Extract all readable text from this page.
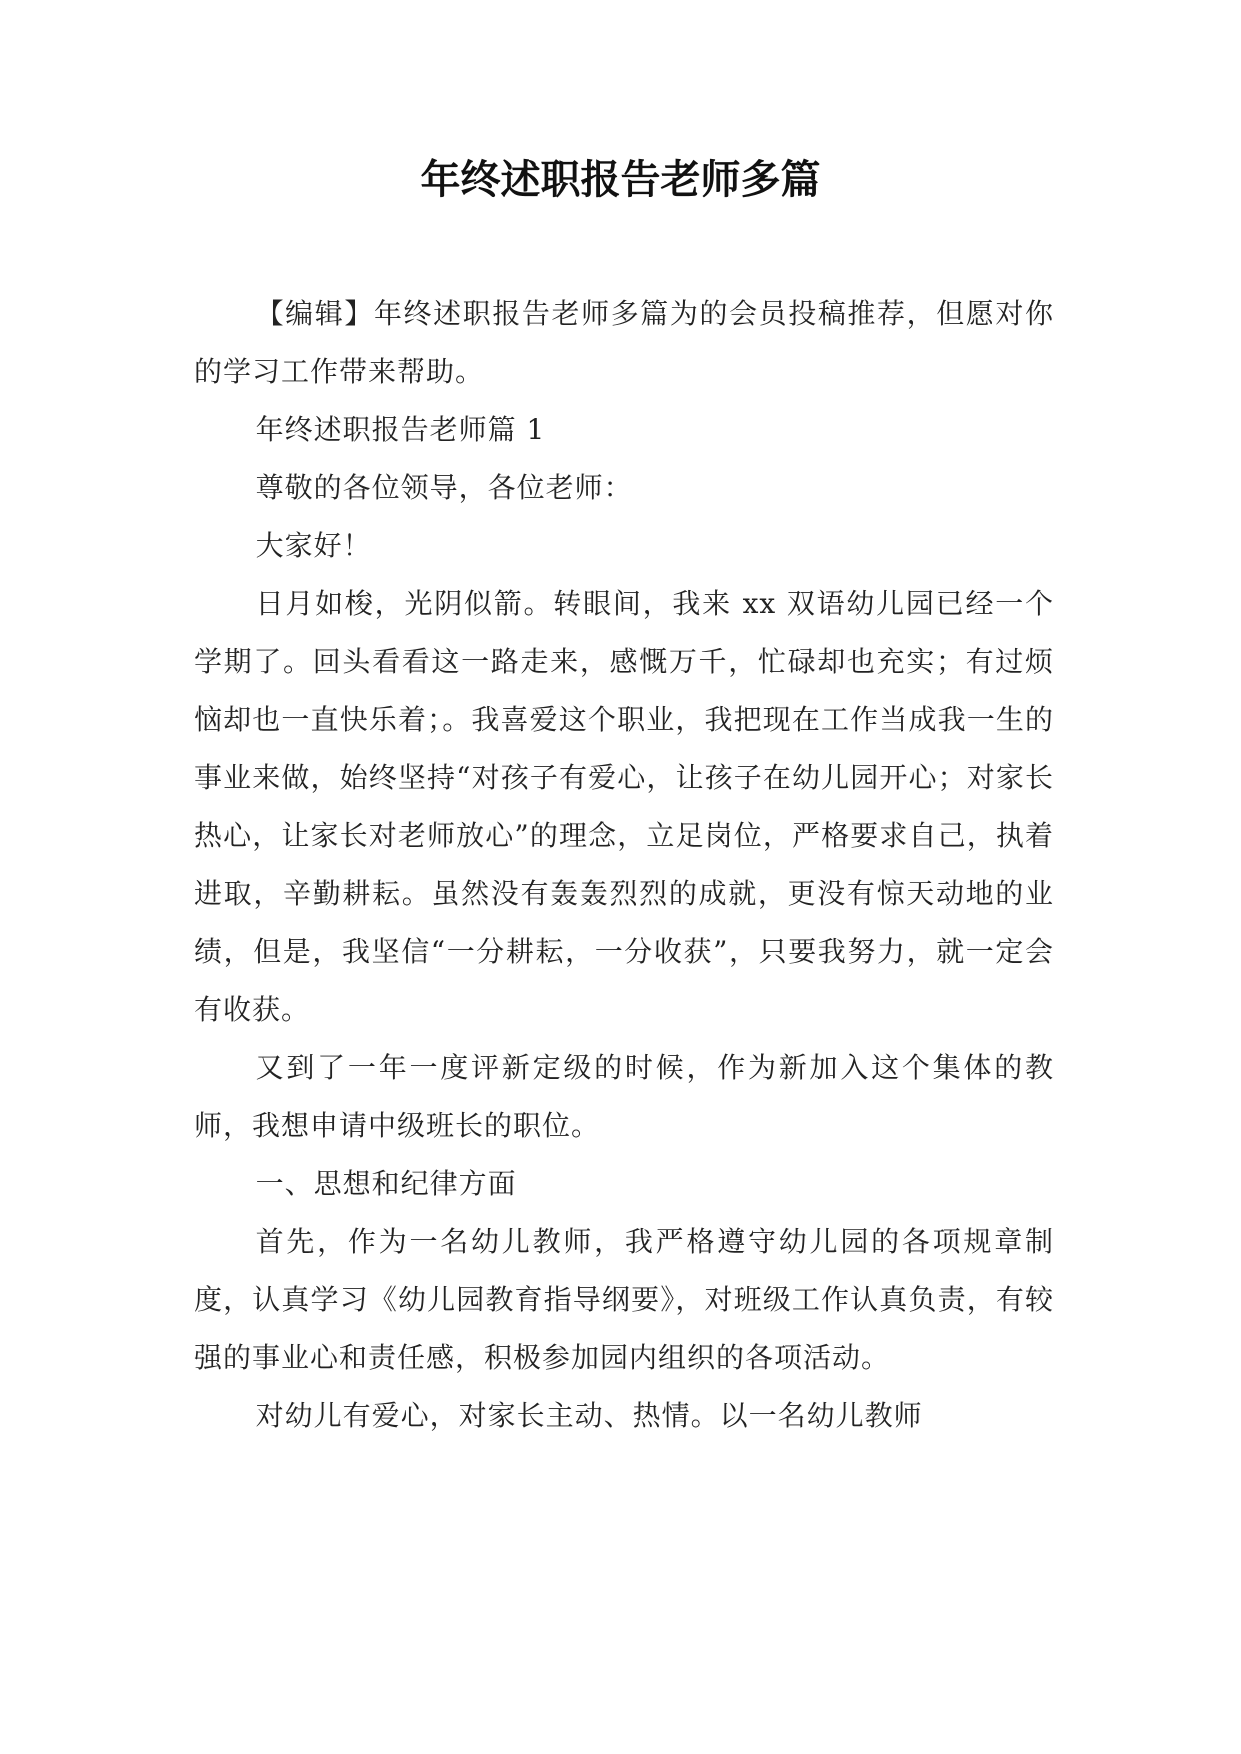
年终述职报告老师多篇

【编辑】年终述职报告老师多篇为的会员投稿推荐，但愿对你的学习工作带来帮助。

年终述职报告老师篇 1

尊敬的各位领导，各位老师：

大家好！

日月如梭，光阴似箭。转眼间，我来 xx 双语幼儿园已经一个学期了。回头看看这一路走来，感慨万千，忙碌却也充实；有过烦恼却也一直快乐着；。我喜爱这个职业，我把现在工作当成我一生的事业来做，始终坚持“对孩子有爱心，让孩子在幼儿园开心；对家长热心，让家长对老师放心”的理念，立足岗位，严格要求自己，执着进取，辛勤耕耘。虽然没有轰轰烈烈的成就，更没有惊天动地的业绩，但是，我坚信“一分耕耘，一分收获”，只要我努力，就一定会有收获。

又到了一年一度评新定级的时候，作为新加入这个集体的教师，我想申请中级班长的职位。

一、思想和纪律方面

首先，作为一名幼儿教师，我严格遵守幼儿园的各项规章制度，认真学习《幼儿园教育指导纲要》，对班级工作认真负责，有较强的事业心和责任感，积极参加园内组织的各项活动。

对幼儿有爱心，对家长主动、热情。以一名幼儿教师
